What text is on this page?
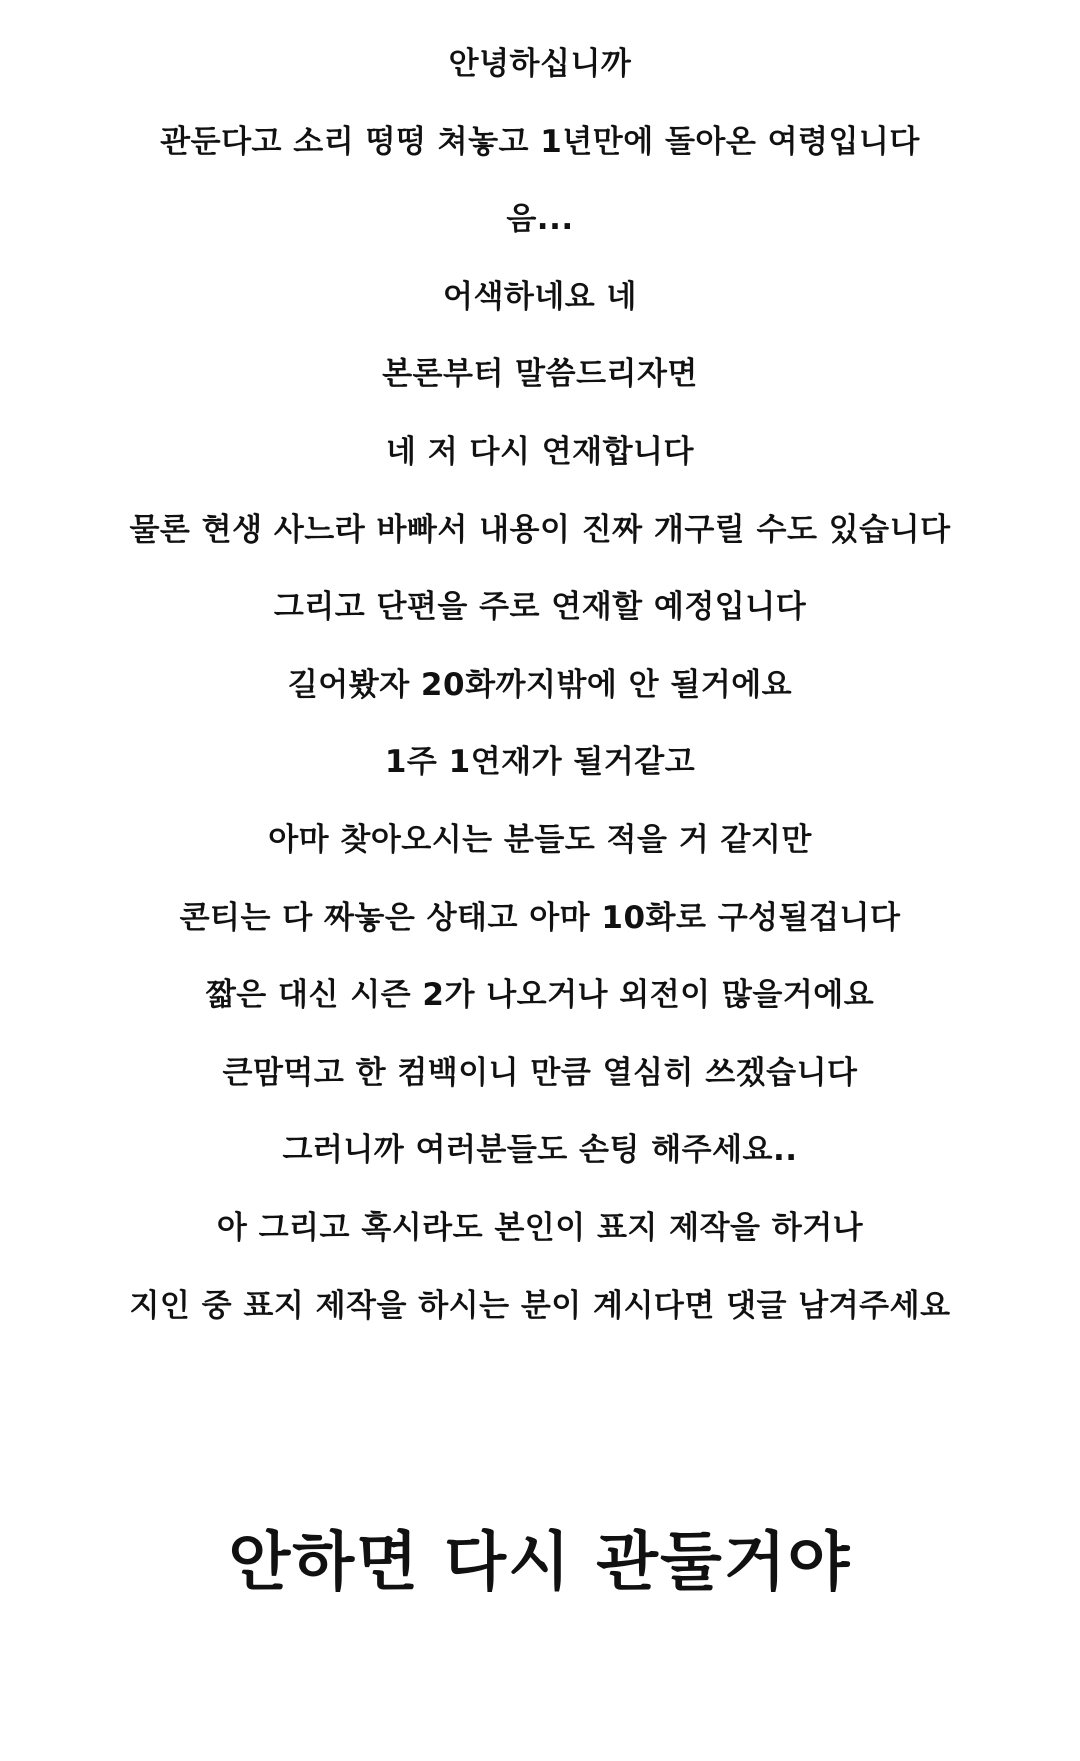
안녕하십니까
관둔다고 소리 떵떵 쳐놓고 1년만에 돌아온 여령입니다
음...
어색하네요 네
본론부터 말씀드리자면
네 저 다시 연재합니다
물론 현생 사느라 바빠서 내용이 진짜 개구릴 수도 있습니다
그리고 단편을 주로 연재할 예정입니다
길어봤자 20화까지밖에 안 될거에요
1주 1연재가 될거같고
아마 찾아오시는 분들도 적을 거 같지만
콘티는 다 짜놓은 상태고 아마 10화로 구성될겁니다
짧은 대신 시즌 2가 나오거나 외전이 많을거에요
큰맘먹고 한 컴백이니 만큼 열심히 쓰겠습니다
그러니까 여러분들도 손팅 해주세요..
아 그리고 혹시라도 본인이 표지 제작을 하거나
지인 중 표지 제작을 하시는 분이 계시다면 댓글 남겨주세요
안하면 다시 관둘거야
